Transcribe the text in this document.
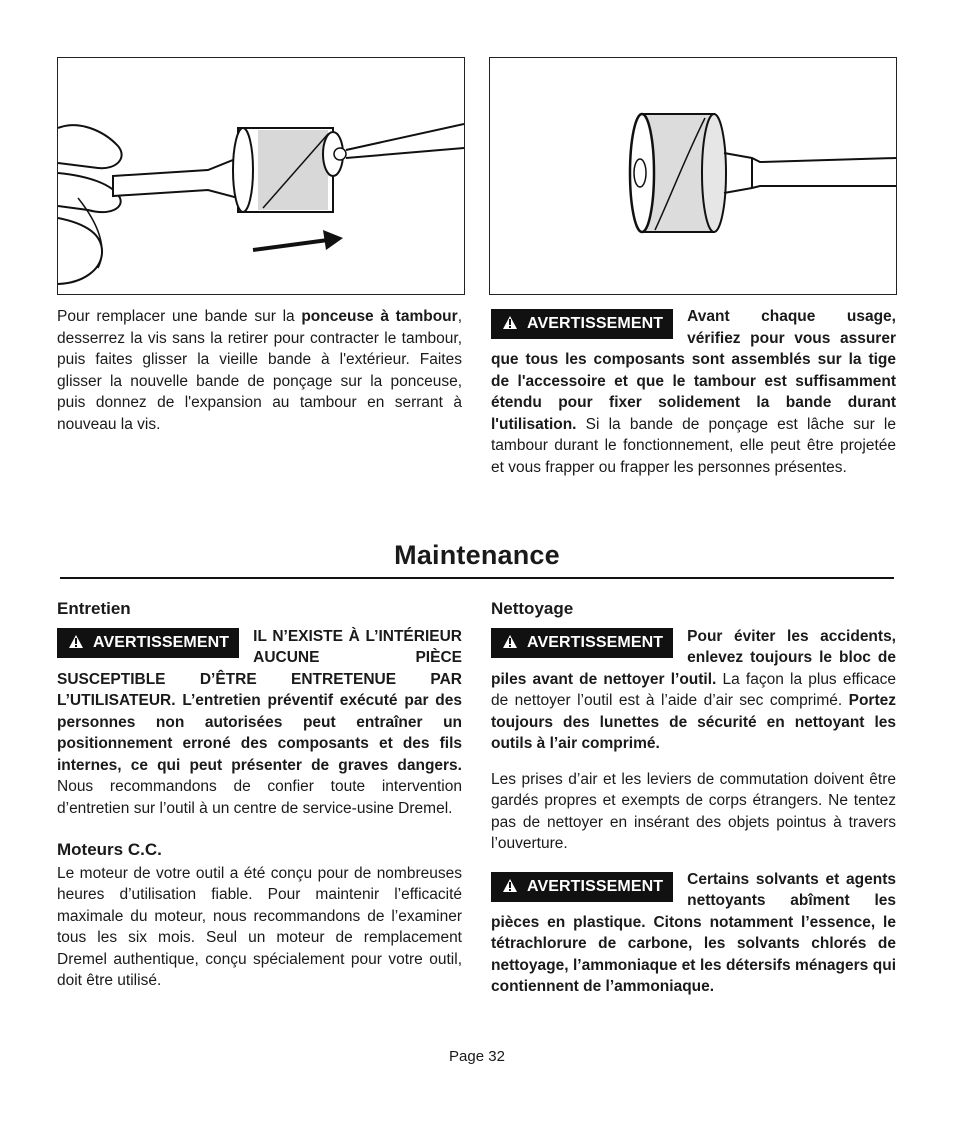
Pour remplacer une bande sur la ponceuse à tambour, desserrez la vis sans la retirer pour contracter le tambour, puis faites glisser la vieille bande à l'extérieur. Faites glisser la nouvelle bande de ponçage sur la ponceuse, puis donnez de l'expansion au tambour en serrant à nouveau la vis.

AVERTISSEMENT	Avant chaque usage, vérifiez pour vous assurer que tous les composants sont assemblés sur la tige de l'accessoire et que le tambour est suffisamment étendu pour fixer solidement la bande durant l'utilisation. Si la bande de ponçage est lâche sur le tambour durant le fonctionnement, elle peut être projetée et vous frapper ou frapper les personnes présentes.

Maintenance
Entretien
AVERTISSEMENT	IL N’EXISTE À L’INTÉRIEUR AUCUNE PIÈCE SUSCEPTIBLE D’ÊTRE ENTRETENUE PAR L’UTILISATEUR. L’entretien préventif exécuté par des personnes non autorisées peut entraîner un positionnement erroné des composants et des fils internes, ce qui peut présenter de graves dangers. Nous recommandons de confier toute intervention d’entretien sur l’outil à un centre de service-usine Dremel.

Moteurs C.C.

Le moteur de votre outil a été conçu pour de nombreuses heures d’utilisation fiable. Pour maintenir l’efficacité maximale du moteur, nous recommandons de l’examiner tous les six mois. Seul un moteur de remplacement Dremel authentique, conçu spécialement pour votre outil, doit être utilisé.

Nettoyage
AVERTISSEMENT	Pour éviter les accidents, enlevez toujours le bloc de piles avant de nettoyer l’outil. La façon la plus efficace de nettoyer l’outil est à l’aide d’air sec comprimé. Portez toujours des lunettes de sécurité en nettoyant les outils à l’air comprimé.

Les prises d’air et les leviers de commutation doivent être gardés propres et exempts de corps étrangers. Ne tentez pas de nettoyer en insérant des objets pointus à travers l’ouverture.

AVERTISSEMENT	Certains solvants et agents nettoyants abîment les pièces en plastique. Citons notamment l’essence, le tétrachlorure de carbone, les solvants chlorés de nettoyage, l’ammoniaque et les détersifs ménagers qui contiennent de l’ammoniaque.

Page 32
